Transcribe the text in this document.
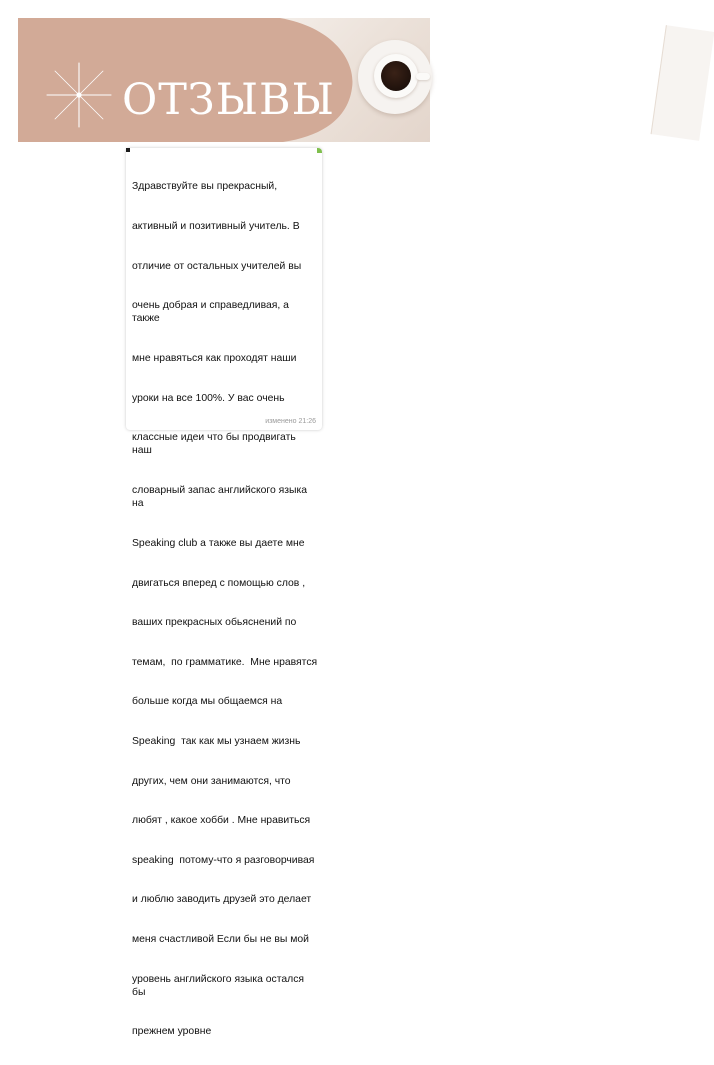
ОТЗЫВЫ

Здравствуйте вы прекрасный,

активный и позитивный учитель. В

отличие от остальных учителей вы

очень добрая и справедливая, а также

мне нравяться как проходят наши

уроки на все 100%. У вас очень

классные идеи что бы продвигать наш

словарный запас английского языка на

Speaking club а также вы даете мне

двигаться вперед с помощью слов ,

ваших прекрасных обьяснений по

темам,  по грамматике.  Мне нравятся

больше когда мы общаемся на

Speaking  так как мы узнаем жизнь

других, чем они занимаются, что

любят , какое хобби . Мне нравиться

speaking  потому-что я разговорчивая

и люблю заводить друзей это делает

меня счастливой Если бы не вы мой

уровень английского языка остался бы

прежнем уровне

изменено 21:26
